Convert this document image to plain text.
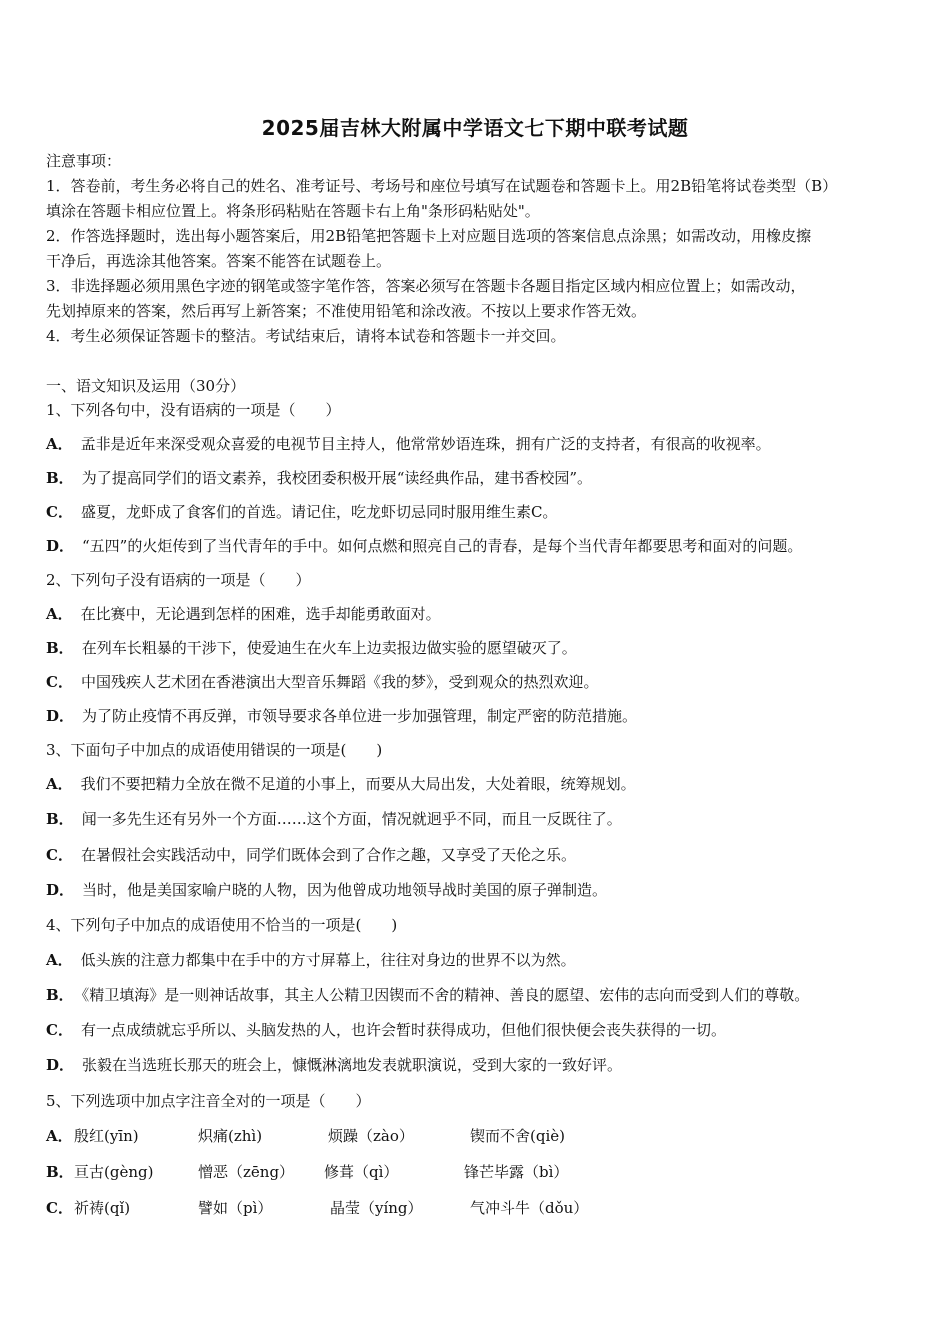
2025届吉林大附属中学语文七下期中联考试题
注意事项：
1．答卷前，考生务必将自己的姓名、准考证号、考场号和座位号填写在试题卷和答题卡上。用2B铅笔将试卷类型（B）
填涂在答题卡相应位置上。将条形码粘贴在答题卡右上角"条形码粘贴处"。
2．作答选择题时，选出每小题答案后，用2B铅笔把答题卡上对应题目选项的答案信息点涂黑；如需改动，用橡皮擦
干净后，再选涂其他答案。答案不能答在试题卷上。
3．非选择题必须用黑色字迹的钢笔或签字笔作答，答案必须写在答题卡各题目指定区域内相应位置上；如需改动，
先划掉原来的答案，然后再写上新答案；不准使用铅笔和涂改液。不按以上要求作答无效。
4．考生必须保证答题卡的整洁。考试结束后，请将本试卷和答题卡一并交回。
一、语文知识及运用（30分）
1、下列各句中，没有语病的一项是（　　）
A． 孟非是近年来深受观众喜爱的电视节目主持人，他常常妙语连珠，拥有广泛的支持者，有很高的收视率。
B． 为了提高同学们的语文素养，我校团委积极开展“读经典作品，建书香校园”。
C． 盛夏，龙虾成了食客们的首选。请记住，吃龙虾切忌同时服用维生素C。
D． “五四”的火炬传到了当代青年的手中。如何点燃和照亮自己的青春，是每个当代青年都要思考和面对的问题。
2、下列句子没有语病的一项是（　　）
A． 在比赛中，无论遇到怎样的困难，选手却能勇敢面对。
B． 在列车长粗暴的干涉下，使爱迪生在火车上边卖报边做实验的愿望破灭了。
C． 中国残疾人艺术团在香港演出大型音乐舞蹈《我的梦》，受到观众的热烈欢迎。
D． 为了防止疫情不再反弹，市领导要求各单位进一步加强管理，制定严密的防范措施。
3、下面句子中加点的成语使用错误的一项是(　　)
A． 我们不要把精力全放在微不足道的小事上，而要从大局出发，大处着眼，统筹规划。
B． 闻一多先生还有另外一个方面……这个方面，情况就迥乎不同，而且一反既往了。
C． 在暑假社会实践活动中，同学们既体会到了合作之趣，又享受了天伦之乐。
D． 当时，他是美国家喻户晓的人物，因为他曾成功地领导战时美国的原子弹制造。
4、下列句子中加点的成语使用不恰当的一项是(　　)
A． 低头族的注意力都集中在手中的方寸屏幕上，往往对身边的世界不以为然。
B． 《精卫填海》是一则神话故事，其主人公精卫因锲而不舍的精神、善良的愿望、宏伟的志向而受到人们的尊敬。
C． 有一点成绩就忘乎所以、头脑发热的人，也许会暂时获得成功，但他们很快便会丧失获得的一切。
D． 张毅在当选班长那天的班会上，慷慨淋漓地发表就职演说，受到大家的一致好评。
5、下列选项中加点字注音全对的一项是（　　）
A． 殷红(yīn)	炽痛(zhì)	烦躁（zào）	锲而不舍(qiè)
B． 亘古(gèng)	憎恶（zēng） 修葺（qì）	锋芒毕露（bì）
C． 祈祷(qǐ)	譬如（pì）	晶莹（yíng）	气冲斗牛（dǒu）
